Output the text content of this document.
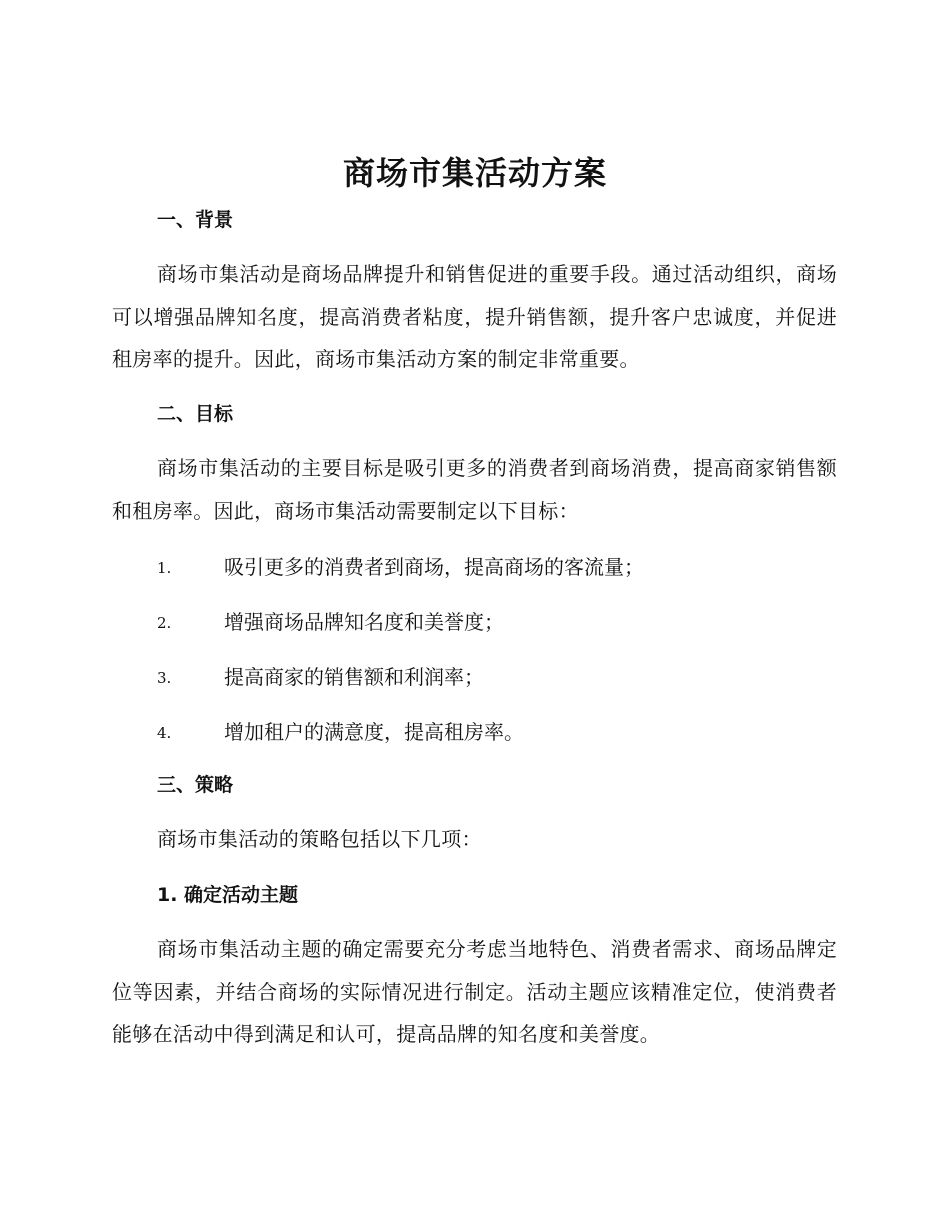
商场市集活动方案
一、背景

商场市集活动是商场品牌提升和销售促进的重要手段。通过活动组织，商场可以增强品牌知名度，提高消费者粘度，提升销售额，提升客户忠诚度，并促进租房率的提升。因此，商场市集活动方案的制定非常重要。

二、目标

商场市集活动的主要目标是吸引更多的消费者到商场消费，提高商家销售额和租房率。因此，商场市集活动需要制定以下目标：

1.	吸引更多的消费者到商场，提高商场的客流量；
2.	增强商场品牌知名度和美誉度；
3.	提高商家的销售额和利润率；
4.	增加租户的满意度，提高租房率。
三、策略

商场市集活动的策略包括以下几项：

1. 确定活动主题

商场市集活动主题的确定需要充分考虑当地特色、消费者需求、商场品牌定位等因素，并结合商场的实际情况进行制定。活动主题应该精准定位，使消费者能够在活动中得到满足和认可，提高品牌的知名度和美誉度。
